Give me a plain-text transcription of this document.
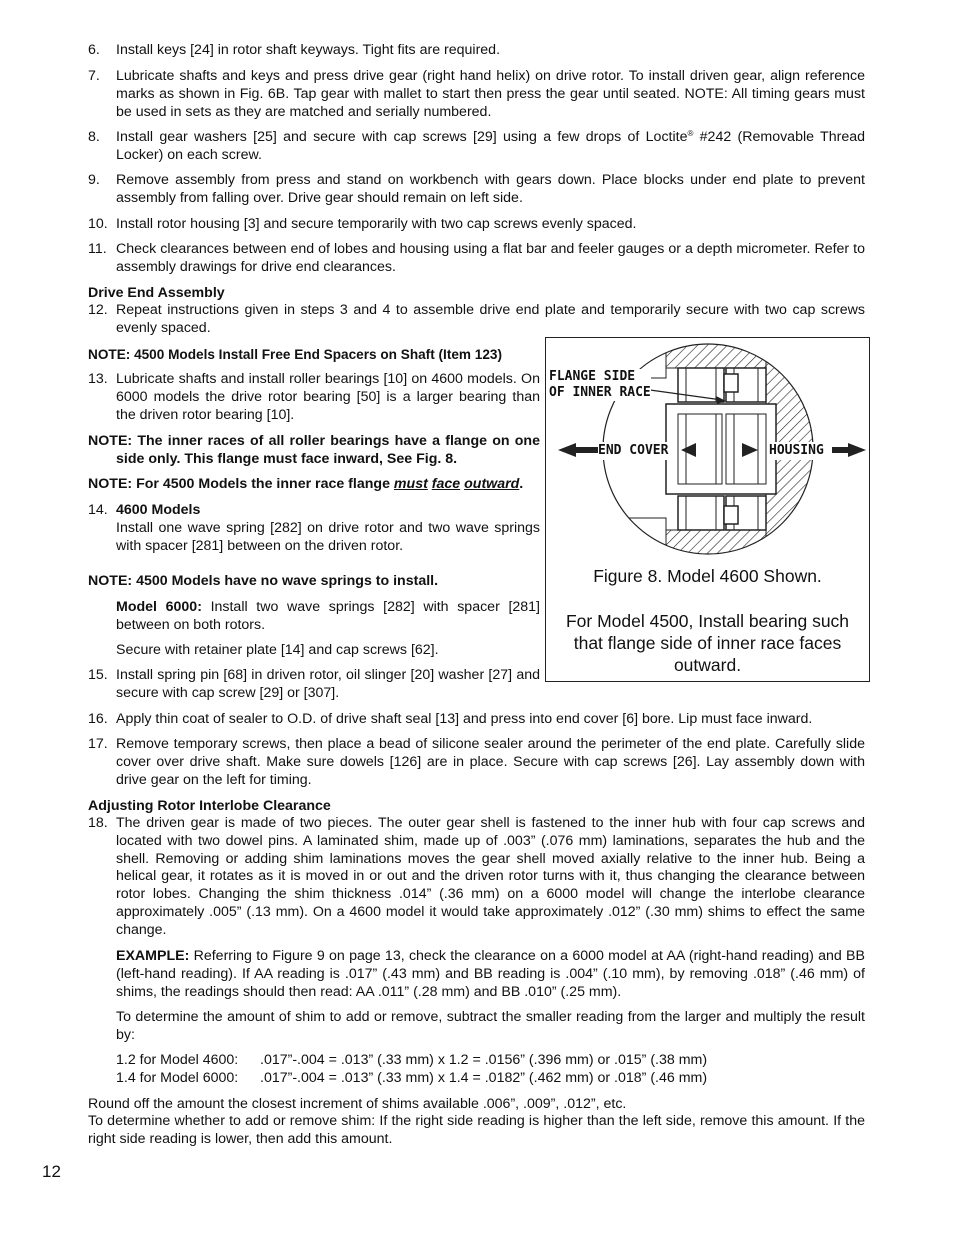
6. Install keys [24] in rotor shaft keyways. Tight fits are required.
7. Lubricate shafts and keys and press drive gear (right hand helix) on drive rotor. To install driven gear, align reference marks as shown in Fig. 6B. Tap gear with mallet to start then press the gear until seated. NOTE: All timing gears must be used in sets as they are matched and serially numbered.
8. Install gear washers [25] and secure with cap screws [29] using a few drops of Loctite® #242 (Removable Thread Locker) on each screw.
9. Remove assembly from press and stand on workbench with gears down. Place blocks under end plate to prevent assembly from falling over. Drive gear should remain on left side.
10. Install rotor housing [3] and secure temporarily with two cap screws evenly spaced.
11. Check clearances between end of lobes and housing using a flat bar and feeler gauges or a depth micrometer. Refer to assembly drawings for drive end clearances.
Drive End Assembly
12. Repeat instructions given in steps 3 and 4 to assemble drive end plate and temporarily secure with two cap screws evenly spaced.
NOTE: 4500 Models Install Free End Spacers on Shaft (Item 123)
13. Lubricate shafts and install roller bearings [10] on 4600 models. On 6000 models the drive rotor bearing [50] is a larger bearing than the driven rotor bearing [10].
NOTE: The inner races of all roller bearings have a flange on one side only. This flange must face inward, See Fig. 8.
NOTE: For 4500 Models the inner race flange must face outward.
14. 4600 Models
Install one wave spring [282] on drive rotor and two wave springs with spacer [281] between on the driven rotor.
NOTE: 4500 Models have no wave springs to install.
Model 6000: Install two wave springs [282] with spacer [281] between on both rotors.
Secure with retainer plate [14] and cap screws [62].
15. Install spring pin [68] in driven rotor, oil slinger [20] washer [27] and secure with cap screw [29] or [307].
16. Apply thin coat of sealer to O.D. of drive shaft seal [13] and press into end cover [6] bore. Lip must face inward.
17. Remove temporary screws, then place a bead of silicone sealer around the perimeter of the end plate. Carefully slide cover over drive shaft. Make sure dowels [126] are in place. Secure with cap screws [26]. Lay assembly down with drive gear on the left for timing.
Adjusting Rotor Interlobe Clearance
18. The driven gear is made of two pieces. The outer gear shell is fastened to the inner hub with four cap screws and located with two dowel pins. A laminated shim, made up of .003” (.076 mm) laminations, separates the hub and the shell. Removing or adding shim laminations moves the gear shell moved axially relative to the inner hub. Being a helical gear, it rotates as it is moved in or out and the driven rotor turns with it, thus changing the clearance between rotor lobes. Changing the shim thickness .014” (.36 mm) on a 6000 model will change the interlobe clearance approximately .005” (.13 mm). On a 4600 model it would take approximately .012” (.30 mm) shims to effect the same change.
EXAMPLE: Referring to Figure 9 on page 13, check the clearance on a 6000 model at AA (right-hand reading) and BB (left-hand reading). If AA reading is .017” (.43 mm) and BB reading is .004” (.10 mm), by removing .018” (.46 mm) of shims, the readings should then read: AA .011” (.28 mm) and BB .010” (.25 mm).
To determine the amount of shim to add or remove, subtract the smaller reading from the larger and multiply the result by:
1.2 for Model 4600: .017”-.004 = .013” (.33 mm) x 1.2 = .0156” (.396 mm) or .015” (.38 mm)
1.4 for Model 6000: .017”-.004 = .013” (.33 mm) x 1.4 = .0182” (.462 mm) or .018” (.46 mm)
Round off the amount the closest increment of shims available .006”, .009”, .012”, etc.
To determine whether to add or remove shim: If the right side reading is higher than the left side, remove this amount. If the right side reading is lower, then add this amount.
12
FLANGE SIDE
OF INNER RACE
END COVER	HOUSING
Figure 8. Model 4600 Shown.
For Model 4500, Install bearing such that flange side of inner race faces outward.
